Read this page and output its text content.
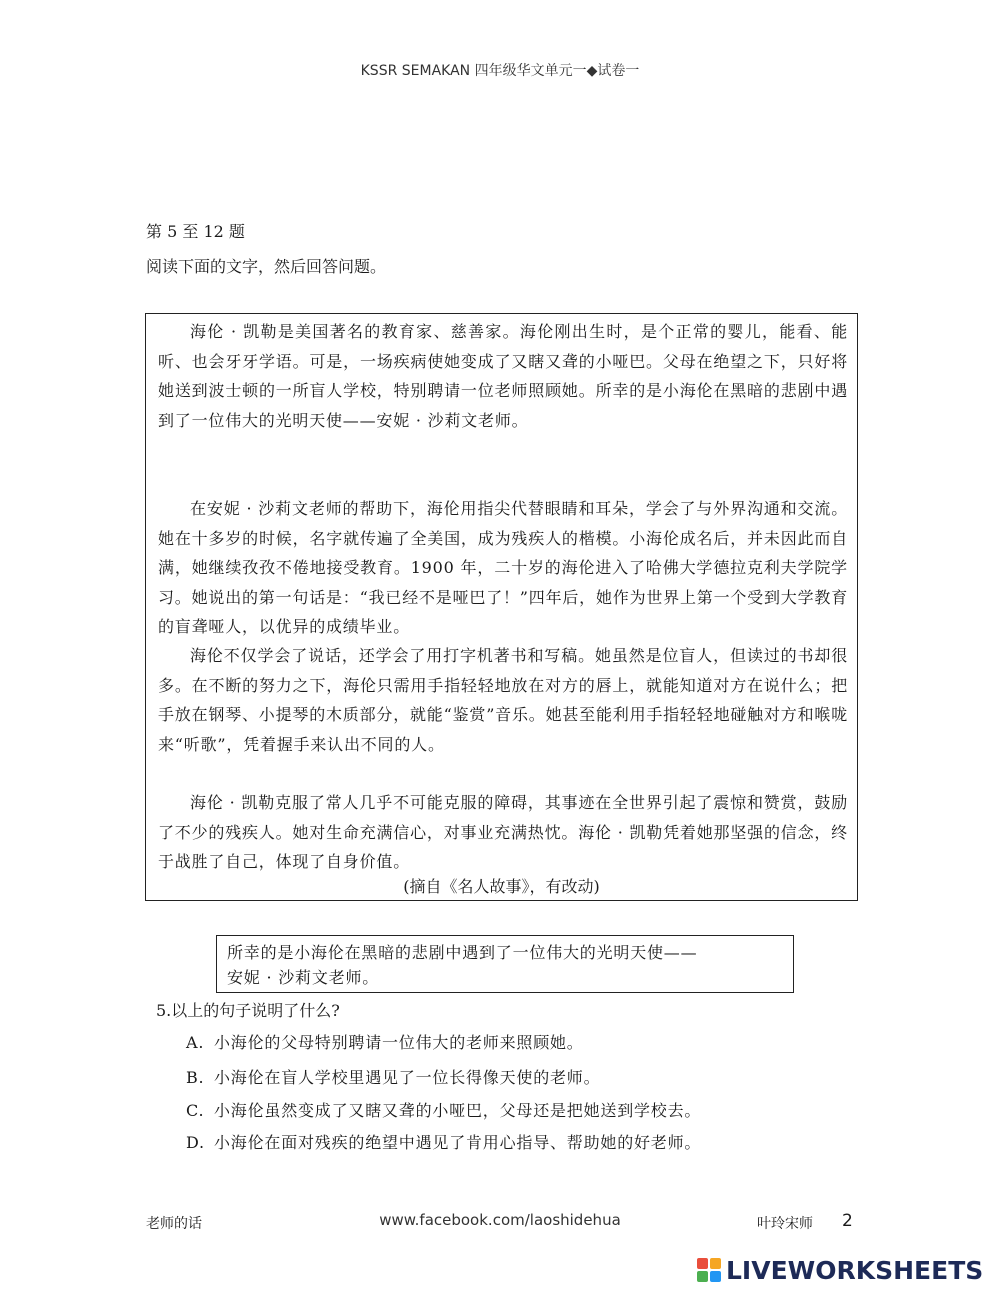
KSSR SEMAKAN 四年级华文单元一◆试卷一
第 5 至 12 题
阅读下面的文字，然后回答问题。

海伦 · 凯勒是美国著名的教育家、慈善家。海伦刚出生时，是个正常的婴儿，能看、能听、也会牙牙学语。可是，一场疾病使她变成了又瞎又聋的小哑巴。父母在绝望之下，只好将她送到波士顿的一所盲人学校，特别聘请一位老师照顾她。所幸的是小海伦在黑暗的悲剧中遇到了一位伟大的光明天使——安妮 · 沙莉文老师。

在安妮 · 沙莉文老师的帮助下，海伦用指尖代替眼睛和耳朵，学会了与外界沟通和交流。她在十多岁的时候，名字就传遍了全美国，成为残疾人的楷模。小海伦成名后，并未因此而自满，她继续孜孜不倦地接受教育。1900 年，二十岁的海伦进入了哈佛大学德拉克利夫学院学习。她说出的第一句话是：“我已经不是哑巴了！”四年后，她作为世界上第一个受到大学教育的盲聋哑人，以优异的成绩毕业。

海伦不仅学会了说话，还学会了用打字机著书和写稿。她虽然是位盲人，但读过的书却很多。在不断的努力之下，海伦只需用手指轻轻地放在对方的唇上，就能知道对方在说什么；把手放在钢琴、小提琴的木质部分，就能“鉴赏”音乐。她甚至能利用手指轻轻地碰触对方和喉咙来“听歌”，凭着握手来认出不同的人。

海伦 · 凯勒克服了常人几乎不可能克服的障碍，其事迹在全世界引起了震惊和赞赏，鼓励了不少的残疾人。她对生命充满信心，对事业充满热忱。海伦 · 凯勒凭着她那坚强的信念，终于战胜了自己，体现了自身价值。

(摘自《名人故事》，有改动)
所幸的是小海伦在黑暗的悲剧中遇到了一位伟大的光明天使——
安妮 · 沙莉文老师。
5.以上的句子说明了什么?
A. 小海伦的父母特别聘请一位伟大的老师来照顾她。
B. 小海伦在盲人学校里遇见了一位长得像天使的老师。
C. 小海伦虽然变成了又瞎又聋的小哑巴，父母还是把她送到学校去。
D. 小海伦在面对残疾的绝望中遇见了肯用心指导、帮助她的好老师。
老师的话	www.facebook.com/laoshidehua	叶玲宋师 2
LIVEWORKSHEETS
